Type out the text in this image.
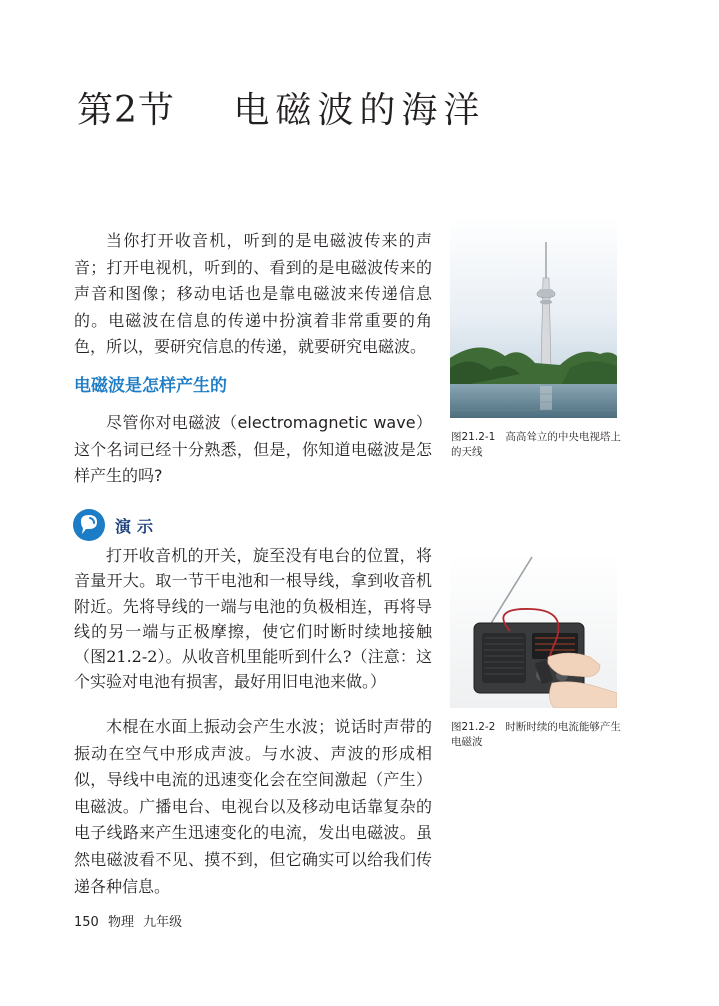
第2节 电磁波的海洋

当你打开收音机，听到的是电磁波传来的声音；打开电视机，听到的、看到的是电磁波传来的声音和图像；移动电话也是靠电磁波来传递信息的。电磁波在信息的传递中扮演着非常重要的角色，所以，要研究信息的传递，就要研究电磁波。

电磁波是怎样产生的

尽管你对电磁波（electromagnetic wave）这个名词已经十分熟悉，但是，你知道电磁波是怎样产生的吗?

演示

打开收音机的开关，旋至没有电台的位置，将音量开大。取一节干电池和一根导线，拿到收音机附近。先将导线的一端与电池的负极相连，再将导线的另一端与正极摩擦，使它们时断时续地接触（图21.2-2）。从收音机里能听到什么?（注意：这个实验对电池有损害，最好用旧电池来做。）

木棍在水面上振动会产生水波；说话时声带的振动在空气中形成声波。与水波、声波的形成相似，导线中电流的迅速变化会在空间激起（产生）电磁波。广播电台、电视台以及移动电话靠复杂的电子线路来产生迅速变化的电流，发出电磁波。虽然电磁波看不见、摸不到，但它确实可以给我们传递各种信息。

图21.2-1 高高耸立的中央电视塔上的天线

图21.2-2 时断时续的电流能够产生电磁波

150 物理 九年级
